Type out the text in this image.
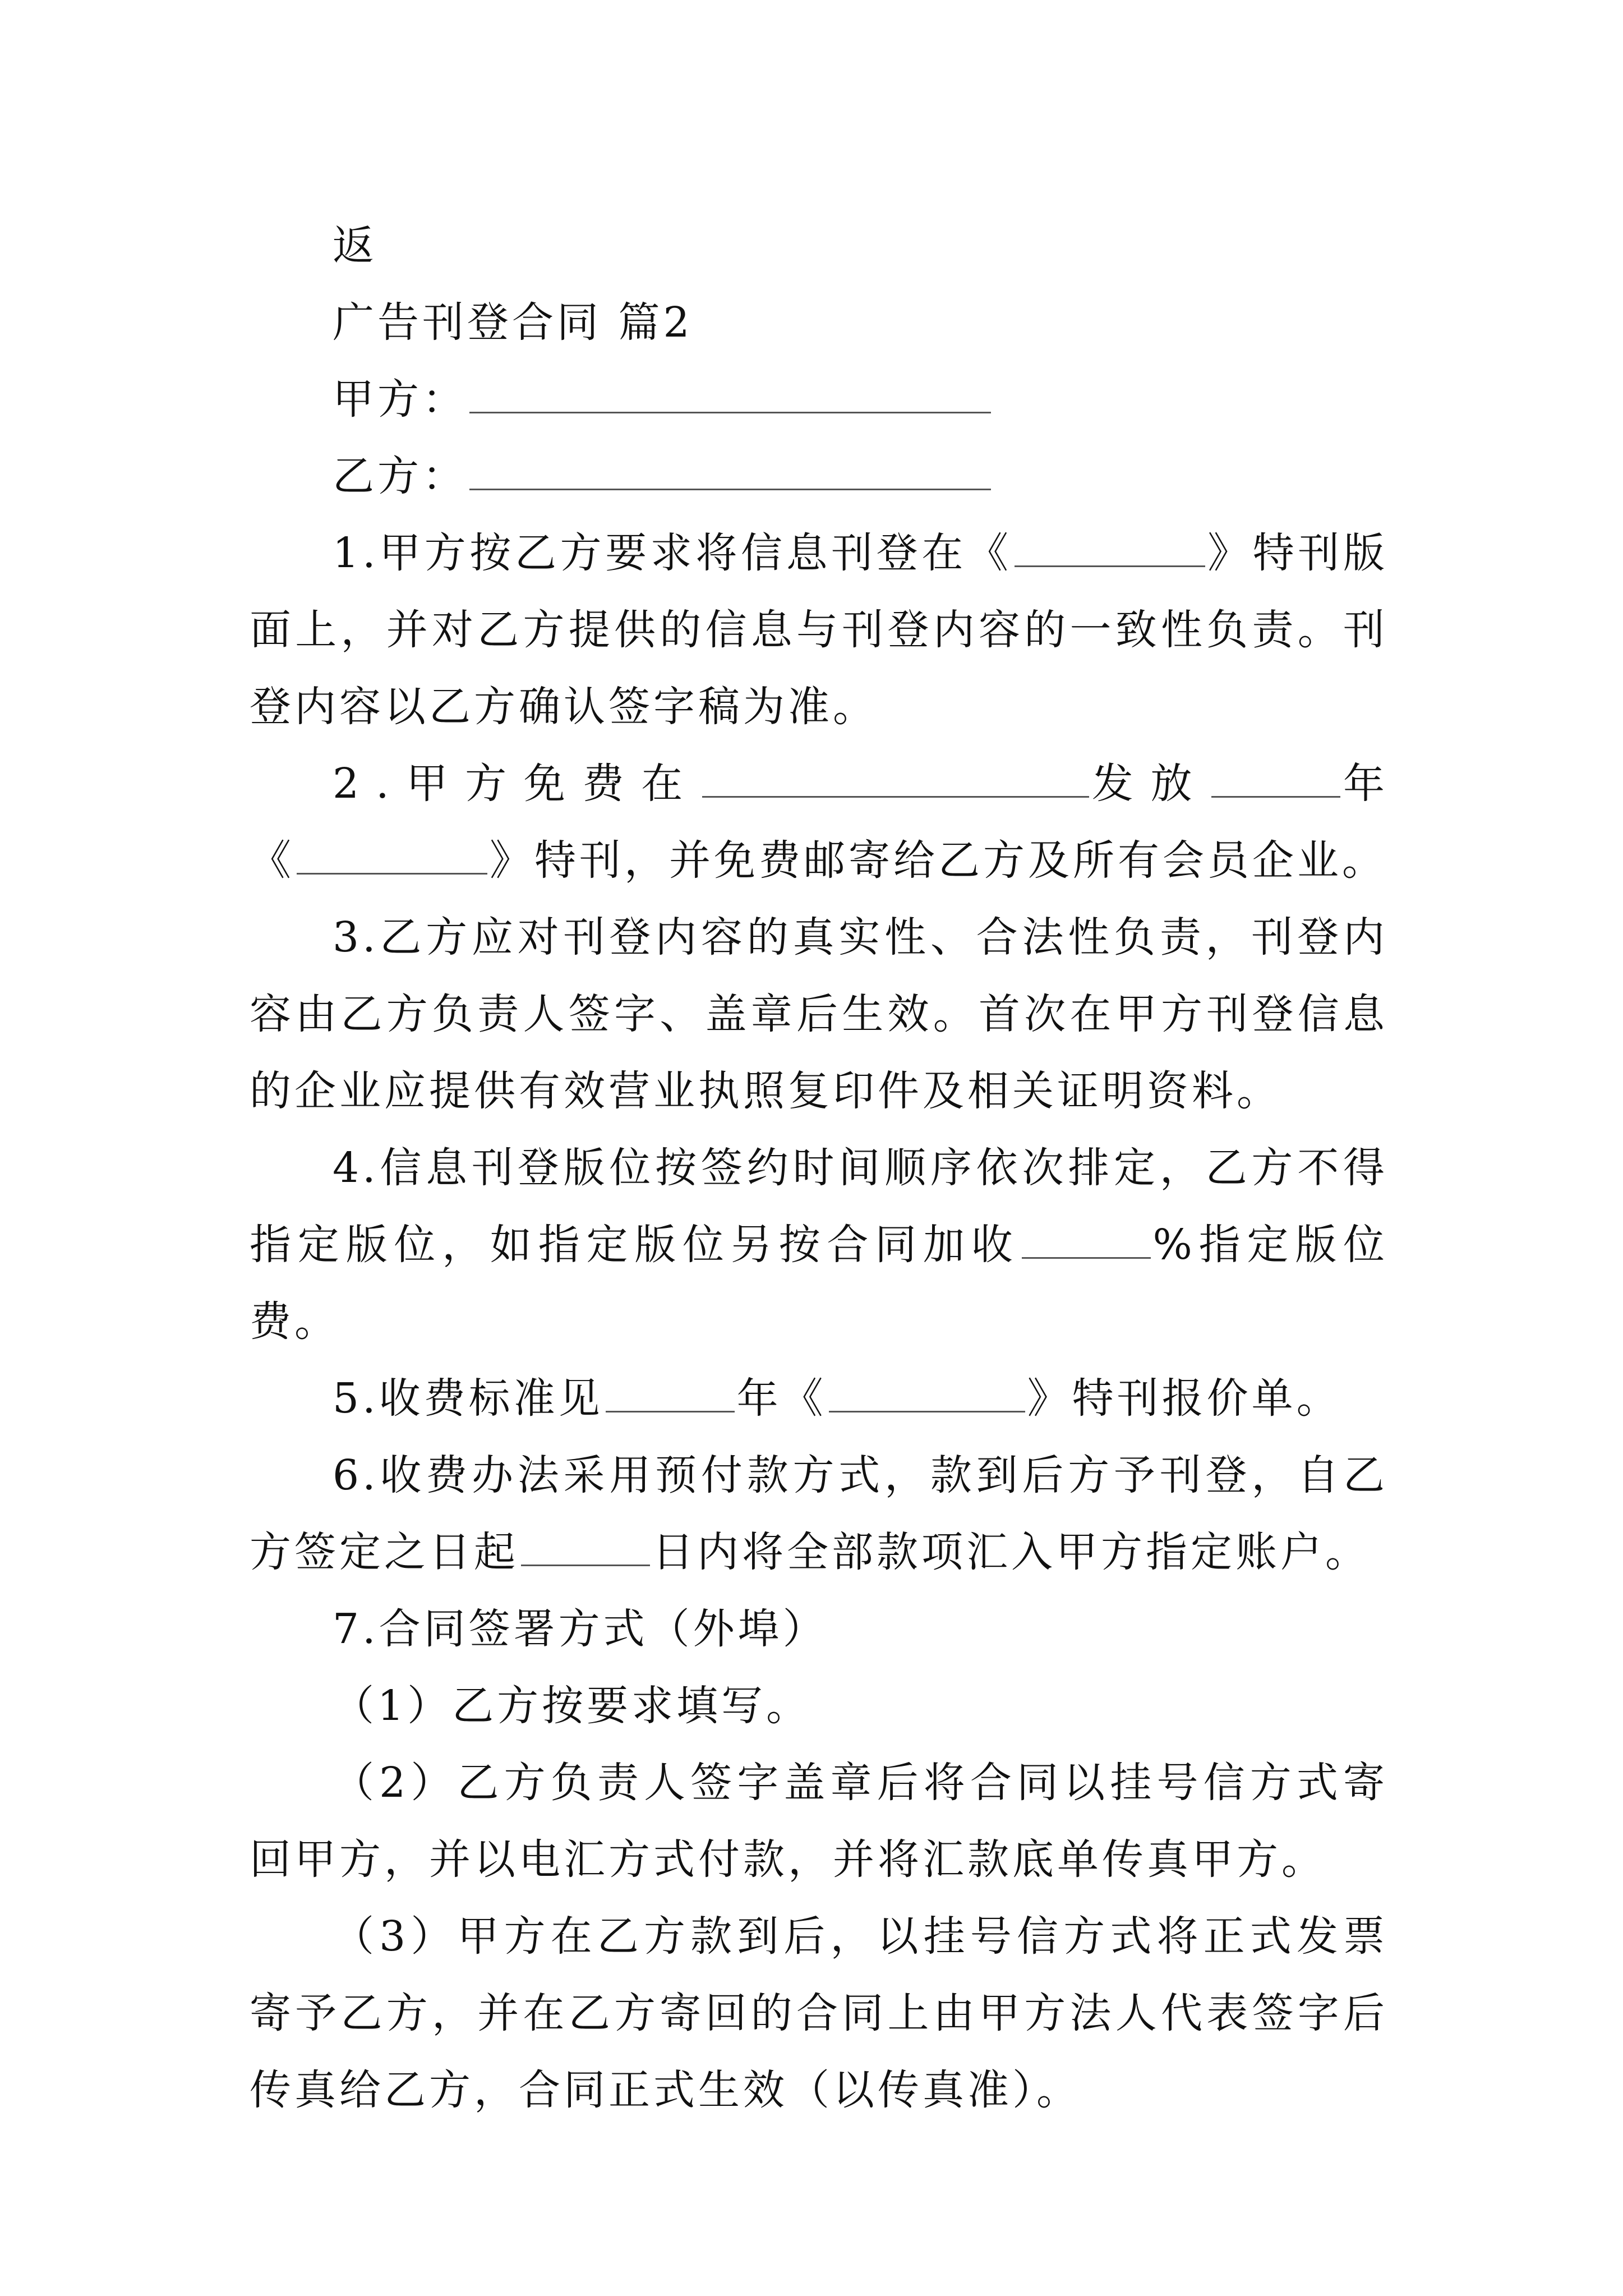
返

广告刊登合同 篇2

甲方：

乙方：

1.甲方按乙方要求将信息刊登在《	》特刊版面上，并对乙方提供的信息与刊登内容的一致性负责。刊登内容以乙方确认签字稿为准。

2.甲方免费在	发放	年《	》特刊，并免费邮寄给乙方及所有会员企业。

3.乙方应对刊登内容的真实性、合法性负责，刊登内容由乙方负责人签字、盖章后生效。首次在甲方刊登信息的企业应提供有效营业执照复印件及相关证明资料。

4.信息刊登版位按签约时间顺序依次排定，乙方不得指定版位，如指定版位另按合同加收	%指定版位费。

5.收费标准见	年《	》特刊报价单。

6.收费办法采用预付款方式，款到后方予刊登，自乙方签定之日起	日内将全部款项汇入甲方指定账户。

7.合同签署方式（外埠）

（1）乙方按要求填写。

（2）乙方负责人签字盖章后将合同以挂号信方式寄回甲方，并以电汇方式付款，并将汇款底单传真甲方。

（3）甲方在乙方款到后，以挂号信方式将正式发票寄予乙方，并在乙方寄回的合同上由甲方法人代表签字后传真给乙方，合同正式生效（以传真准）。
